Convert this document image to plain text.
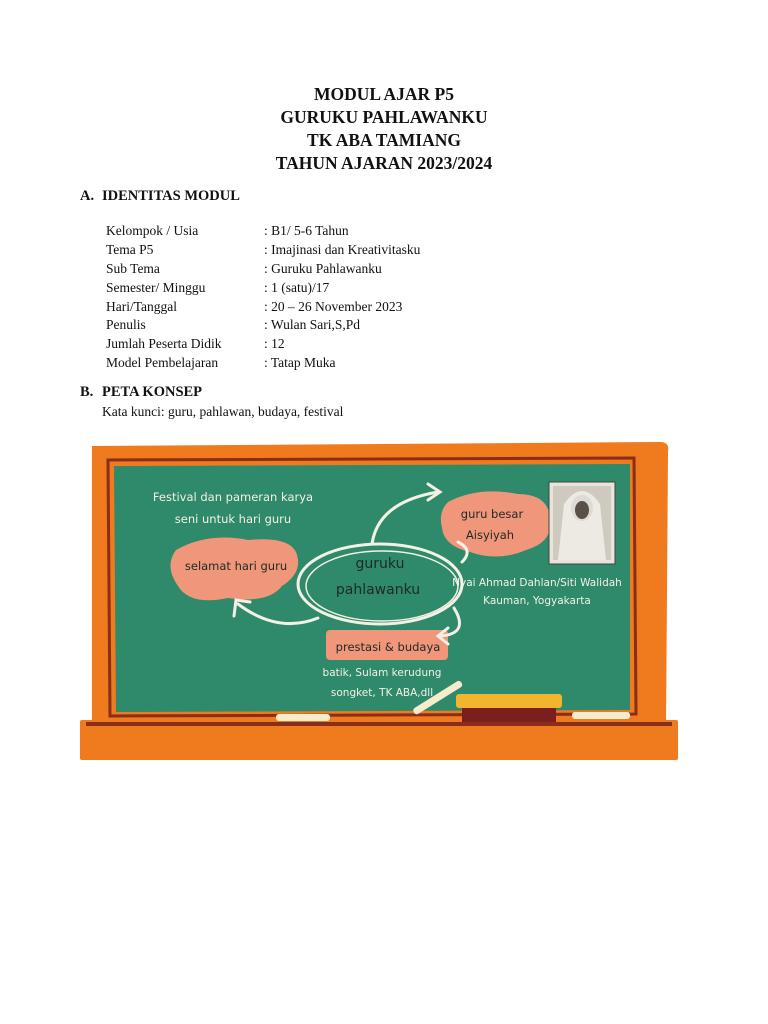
MODUL AJAR P5
GURUKU PAHLAWANKU
TK ABA TAMIANG
TAHUN AJARAN 2023/2024
A. IDENTITAS MODUL
Kelompok / Usia	: B1/ 5-6 Tahun
Tema P5	: Imajinasi dan Kreativitasku
Sub Tema	: Guruku Pahlawanku
Semester/ Minggu	: 1 (satu)/17
Hari/Tanggal	: 20 – 26 November 2023
Penulis	: Wulan Sari,S,Pd
Jumlah Peserta Didik	: 12
Model Pembelajaran	: Tatap Muka
B. PETA KONSEP
Kata kunci: guru, pahlawan, budaya, festival
Festival dan pameran karya
seni untuk hari guru
Nyai Ahmad Dahlan/Siti Walidah
Kauman, Yogyakarta
batik, Sulam kerudung
songket, TK ABA,dll
selamat hari guru
guru besar
Aisyiyah
prestasi & budaya
guruku
pahlawanku
